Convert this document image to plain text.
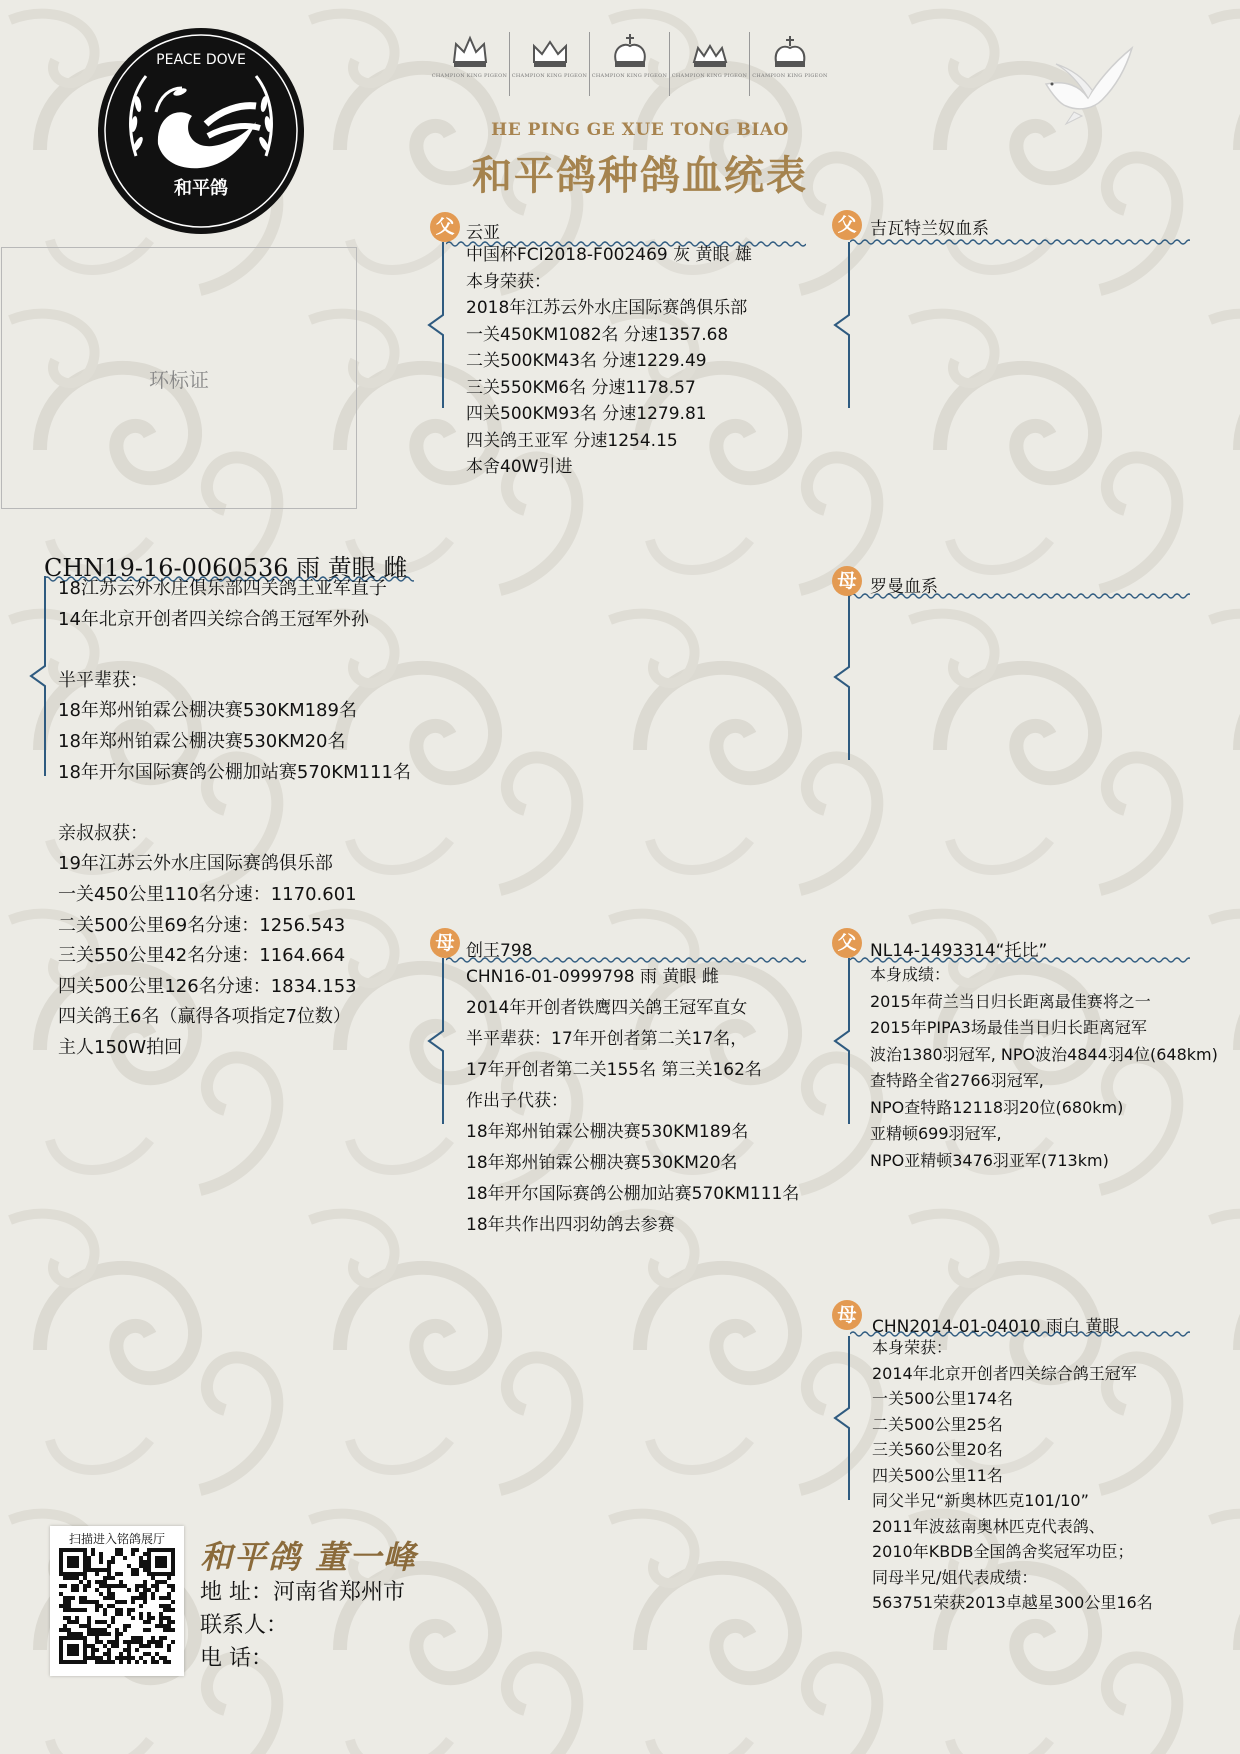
PEACE DOVE
和平鸽
CHAMPION KING PIGEON CHAMPION KING PIGEON CHAMPION KING PIGEON CHAMPION KING PIGEON	CHAMPION KING PIGEON
HE PING GE XUE TONG BIAO
和平鸽种鸽血统表
环标证
CHN19-16-0060536 雨 黄眼 雌
18江苏云外水庄俱乐部四关鸽王亚军直子
14年北京开创者四关综合鸽王冠军外孙
半平辈获：
18年郑州铂霖公棚决赛530KM189名
18年郑州铂霖公棚决赛530KM20名
18年开尔国际赛鸽公棚加站赛570KM111名
亲叔叔获：
19年江苏云外水庄国际赛鸽俱乐部
一关450公里110名分速：1170.601
二关500公里69名分速：1256.543
三关550公里42名分速：1164.664
四关500公里126名分速：1834.153
四关鸽王6名（赢得各项指定7位数）
主人150W拍回
父 云亚
中国杯FCI2018-F002469 灰 黄眼 雄
本身荣获：
2018年江苏云外水庄国际赛鸽俱乐部
一关450KM1082名 分速1357.68
二关500KM43名 分速1229.49
三关550KM6名 分速1178.57
四关500KM93名 分速1279.81
四关鸽王亚军 分速1254.15
本舍40W引进
母 创王798
CHN16-01-0999798 雨 黄眼 雌
2014年开创者铁鹰四关鸽王冠军直女
半平辈获：17年开创者第二关17名，
17年开创者第二关155名 第三关162名
作出子代获：
18年郑州铂霖公棚决赛530KM189名
18年郑州铂霖公棚决赛530KM20名
18年开尔国际赛鸽公棚加站赛570KM111名
18年共作出四羽幼鸽去参赛
父 吉瓦特兰奴血系
母 罗曼血系
父 NL14-1493314“托比”
本身成绩：
2015年荷兰当日归长距离最佳赛将之一
2015年PIPA3场最佳当日归长距离冠军
波治1380羽冠军, NPO波治4844羽4位(648km)
查特路全省2766羽冠军,
NPO查特路12118羽20位(680km)
亚精顿699羽冠军,
NPO亚精顿3476羽亚军(713km)
母
CHN2014-01-04010 雨白 黄眼
本身荣获：
2014年北京开创者四关综合鸽王冠军
一关500公里174名
二关500公里25名
三关560公里20名
四关500公里11名
同父半兄“新奥林匹克101/10”
2011年波兹南奥林匹克代表鸽、
2010年KBDB全国鸽舍奖冠军功臣；
同母半兄/姐代表成绩：
563751荣获2013卓越星300公里16名
扫描进入铭鸽展厅	和平鸽 董一峰
地 址：河南省郑州市
联系人：
电 话：
